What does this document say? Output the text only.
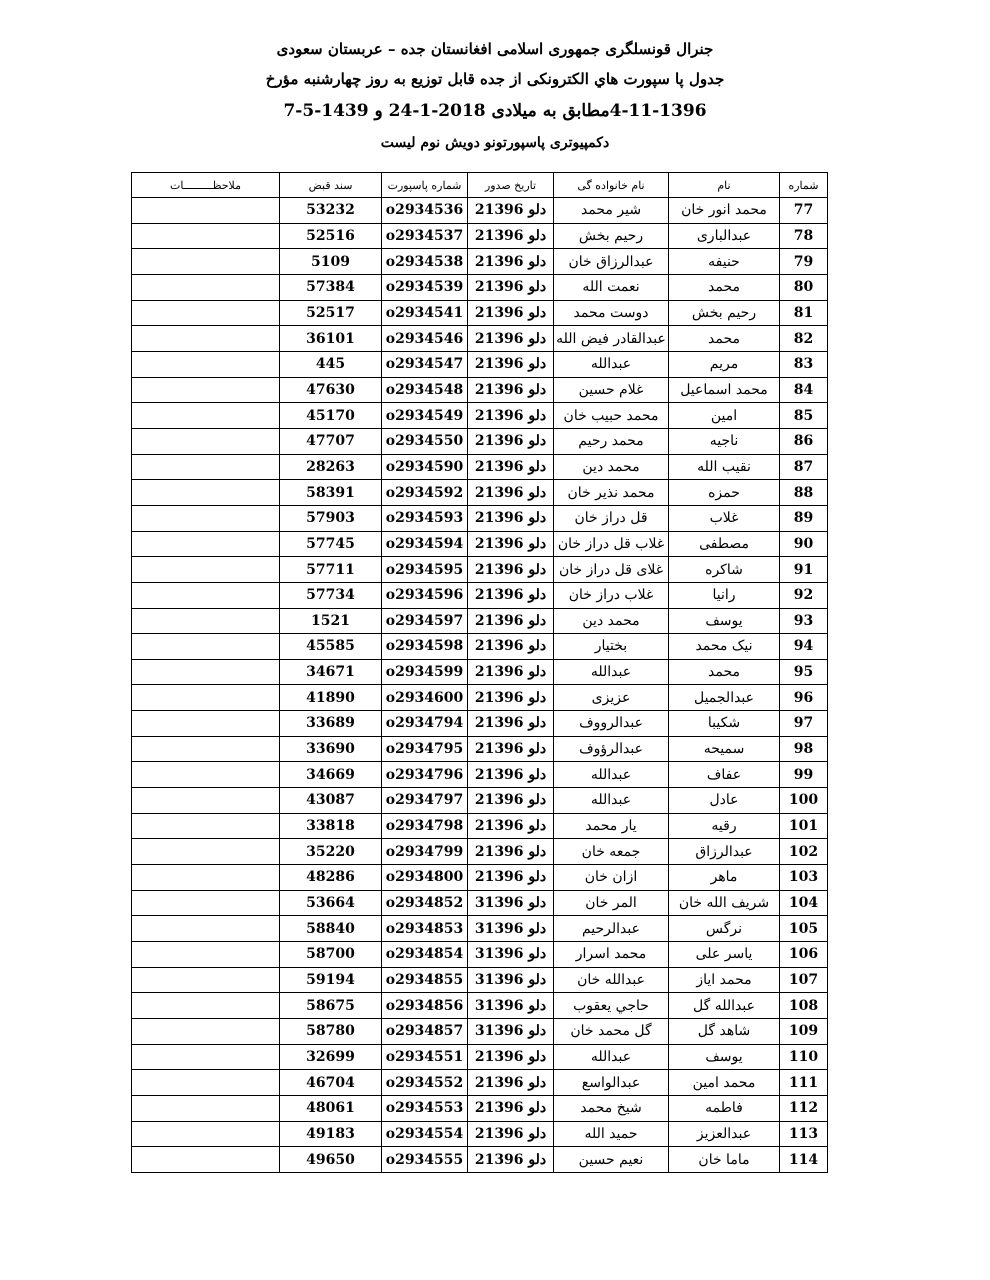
جنرال قونسلگری جمهوری اسلامی افغانستان جده – عربستان سعودی
جدول پا سپورت هاي الكترونكى از جده قابل توزيع به روز چهارشنبه مؤرخ
4-11-1396مطابق به میلادی 2018-1-24 و 1439-5-7
دکمپیوتری پاسپورتونو دویش نوم لیست
شماره	نام	نام خانواده گی	تاريخ صدور	شماره پاسپورت	سند قبض	ملاحظـــــــــات
77	محمد انور خان	شير محمد	2دلو 1396	o2934536	53232	
78	عبدالبارى	رحيم بخش	2دلو 1396	o2934537	52516	
79	حنيفه	عبدالرزاق خان	2دلو 1396	o2934538	5109	
80	محمد	نعمت الله	2دلو 1396	o2934539	57384	
81	رحيم بخش	دوست محمد	2دلو 1396	o2934541	52517	
82	محمد	عبدالقادر فيض الله	2دلو 1396	o2934546	36101	
83	مريم	عبدالله	2دلو 1396	o2934547	445	
84	محمد اسماعيل	غلام حسين	2دلو 1396	o2934548	47630	
85	امين	محمد حبيب خان	2دلو 1396	o2934549	45170	
86	ناجيه	محمد رحيم	2دلو 1396	o2934550	47707	
87	نقيب الله	محمد دين	2دلو 1396	o2934590	28263	
88	حمزه	محمد نذير خان	2دلو 1396	o2934592	58391	
89	غلاب	قل دراز خان	2دلو 1396	o2934593	57903	
90	مصطفى	غلاب قل دراز خان	2دلو 1396	o2934594	57745	
91	شاكره	غلاى قل دراز خان	2دلو 1396	o2934595	57711	
92	رانيا	غلاب دراز خان	2دلو 1396	o2934596	57734	
93	يوسف	محمد دين	2دلو 1396	o2934597	1521	
94	نيک محمد	بختيار	2دلو 1396	o2934598	45585	
95	محمد	عبدالله	2دلو 1396	o2934599	34671	
96	عبدالجميل	عزيزى	2دلو 1396	o2934600	41890	
97	شكيبا	عبدالرووف	2دلو 1396	o2934794	33689	
98	سميحه	عبدالرؤوف	2دلو 1396	o2934795	33690	
99	عفاف	عبدالله	2دلو 1396	o2934796	34669	
100	عادل	عبدالله	2دلو 1396	o2934797	43087	
101	رقيه	يار محمد	2دلو 1396	o2934798	33818	
102	عبدالرزاق	جمعه خان	2دلو 1396	o2934799	35220	
103	ماهر	ازان خان	2دلو 1396	o2934800	48286	
104	شريف الله خان	المر خان	3دلو 1396	o2934852	53664	
105	نرگس	عبدالرحيم	3دلو 1396	o2934853	58840	
106	ياسر على	محمد اسرار	3دلو 1396	o2934854	58700	
107	محمد اياز	عبدالله خان	3دلو 1396	o2934855	59194	
108	عبدالله گل	حاجي يعقوب	3دلو 1396	o2934856	58675	
109	شاهد گل	گل محمد خان	3دلو 1396	o2934857	58780	
110	يوسف	عبدالله	2دلو 1396	o2934551	32699	
111	محمد امين	عبدالواسع	2دلو 1396	o2934552	46704	
112	فاطمه	شيخ محمد	2دلو 1396	o2934553	48061	
113	عبدالعزيز	حميد الله	2دلو 1396	o2934554	49183	
114	ماما خان	نعيم حسين	2دلو 1396	o2934555	49650	
